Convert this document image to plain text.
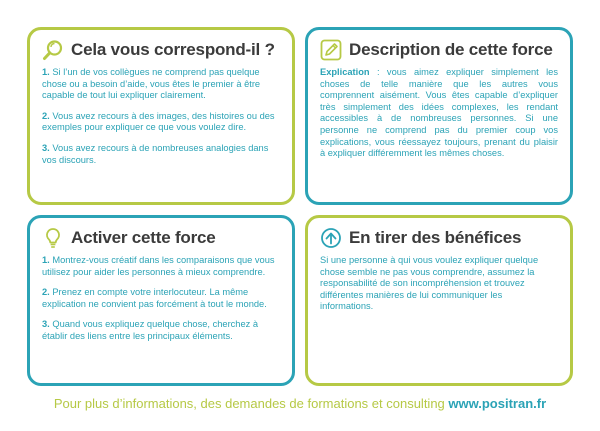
Cela vous correspond-il ?

1. Si l’un de vos collègues ne comprend pas quelque chose ou a besoin d’aide, vous êtes le premier à être capable de tout lui expliquer clairement.

2. Vous avez recours à des images, des histoires ou des exemples pour expliquer ce que vous voulez dire.

3. Vous avez recours à de nombreuses analogies dans vos discours.

Description de cette force

Explication : vous aimez expliquer simplement les choses de telle manière que les autres vous comprennent aisément. Vous êtes capable d’expliquer très simplement des idées complexes, les rendant accessibles à de nombreuses personnes. Si une personne ne comprend pas du premier coup vos explications, vous réessayez toujours, prenant du plaisir à expliquer différemment les mêmes choses.

Activer cette force

1. Montrez-vous créatif dans les comparaisons que vous utilisez pour aider les personnes à mieux comprendre.

2. Prenez en compte votre interlocuteur. La même explication ne convient pas forcément à tout le monde.

3. Quand vous expliquez quelque chose, cherchez à établir des liens entre les principaux éléments.

En tirer des bénéfices

Si une personne à qui vous voulez expliquer quelque chose semble ne pas vous comprendre, assumez la responsabilité de son incompréhension et trouvez différentes manières de lui communiquer les informations.

Pour plus d’informations, des demandes de formations et consulting www.positran.fr
